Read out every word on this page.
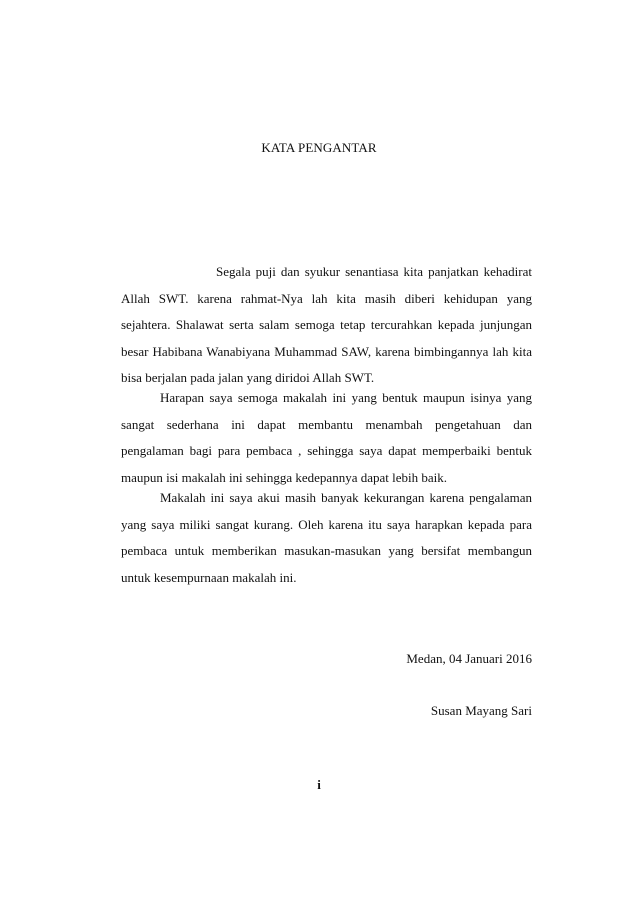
KATA PENGANTAR

Segala puji dan syukur senantiasa kita panjatkan kehadirat Allah SWT. karena rahmat-Nya lah kita masih diberi kehidupan yang sejahtera. Shalawat serta salam semoga tetap tercurahkan kepada junjungan besar Habibana Wanabiyana Muhammad SAW, karena bimbingannya lah kita bisa berjalan pada jalan yang diridoi Allah SWT.

Harapan saya semoga makalah ini yang bentuk maupun isinya yang sangat sederhana ini dapat membantu menambah pengetahuan dan pengalaman bagi para pembaca , sehingga saya dapat memperbaiki bentuk maupun isi makalah ini sehingga kedepannya dapat lebih baik.

Makalah ini saya akui masih banyak kekurangan karena pengalaman yang saya miliki sangat kurang. Oleh karena itu saya harapkan kepada para pembaca untuk memberikan masukan-masukan yang bersifat membangun untuk kesempurnaan makalah ini.

Medan, 04 Januari 2016
Susan Mayang Sari
i
